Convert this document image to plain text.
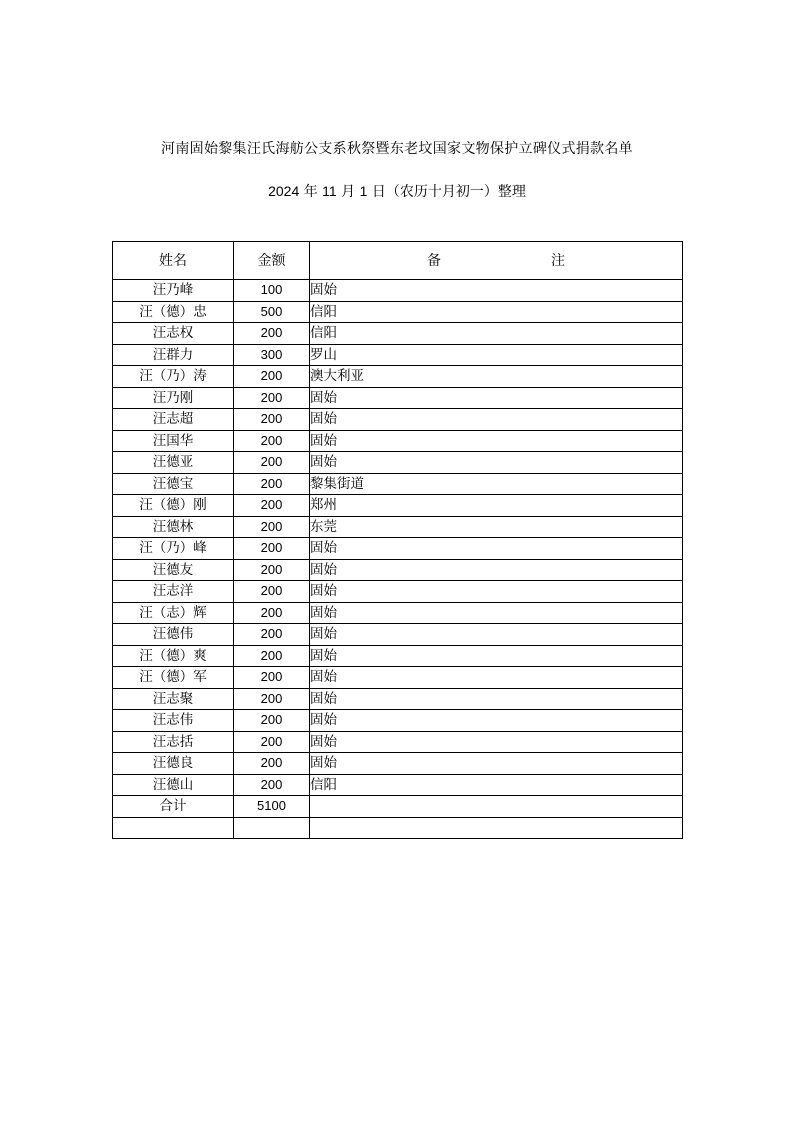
河南固始黎集汪氏海舫公支系秋祭暨东老坟国家文物保护立碑仪式捐款名单
2024 年 11 月 1 日（农历十月初一）整理
姓名	金额	备 注
汪乃峰	100	固始
汪（德）忠	500	信阳
汪志权	200	信阳
汪群力	300	罗山
汪（乃）涛	200	澳大利亚
汪乃刚	200	固始
汪志超	200	固始
汪国华	200	固始
汪德亚	200	固始
汪德宝	200	黎集街道
汪（德）刚	200	郑州
汪德林	200	东莞
汪（乃）峰	200	固始
汪德友	200	固始
汪志洋	200	固始
汪（志）辉	200	固始
汪德伟	200	固始
汪（德）爽	200	固始
汪（德）军	200	固始
汪志聚	200	固始
汪志伟	200	固始
汪志括	200	固始
汪德良	200	固始
汪德山	200	信阳
合计	5100	
